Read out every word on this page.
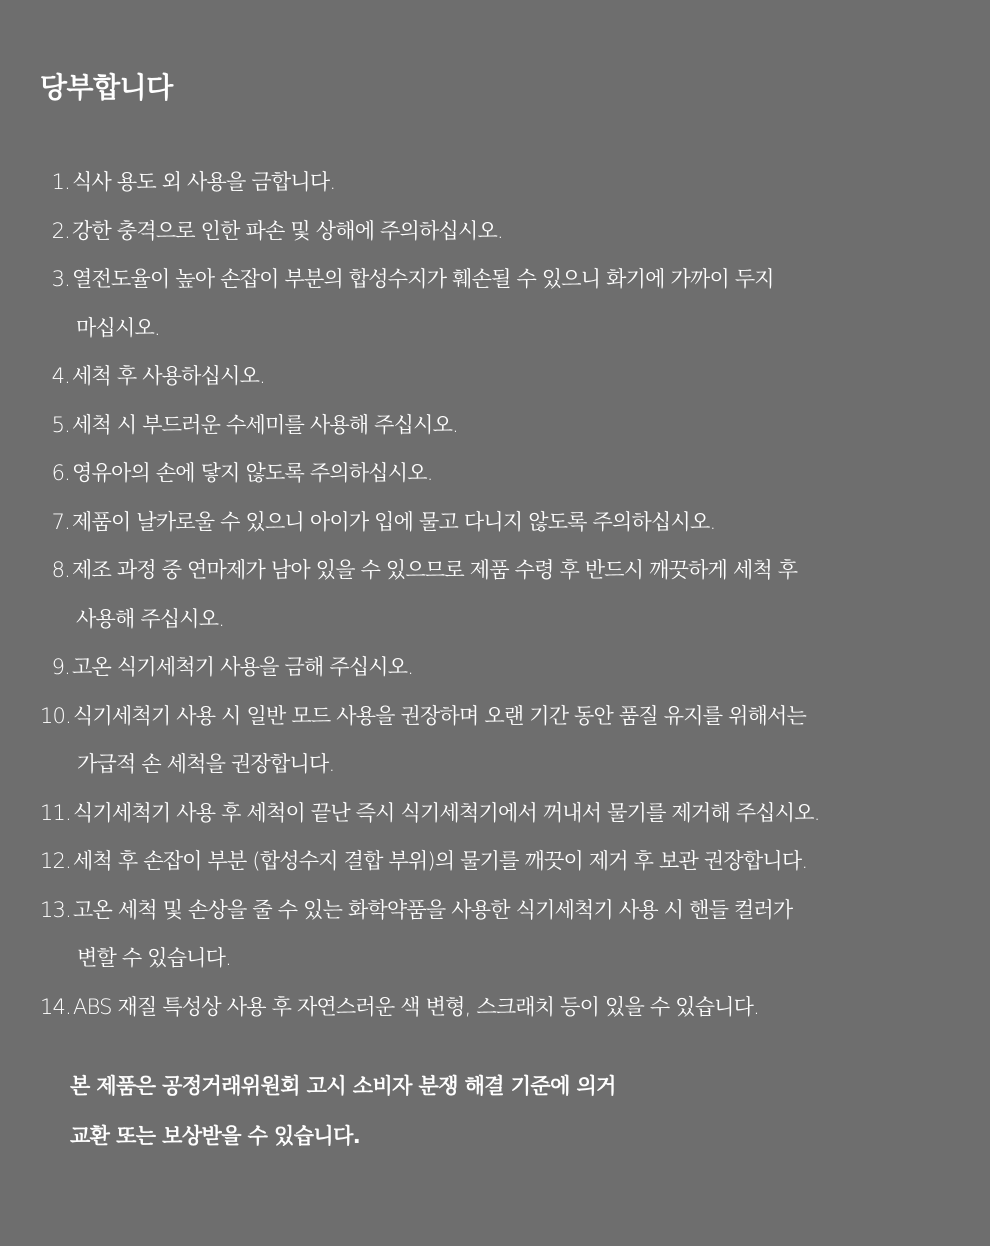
당부합니다
1. 식사 용도 외 사용을 금합니다.
2. 강한 충격으로 인한 파손 및 상해에 주의하십시오.
3. 열전도율이 높아 손잡이 부분의 합성수지가 훼손될 수 있으니 화기에 가까이 두지
마십시오.
4. 세척 후 사용하십시오.
5. 세척 시 부드러운 수세미를 사용해 주십시오.
6. 영유아의 손에 닿지 않도록 주의하십시오.
7. 제품이 날카로울 수 있으니 아이가 입에 물고 다니지 않도록 주의하십시오.
8. 제조 과정 중 연마제가 남아 있을 수 있으므로 제품 수령 후 반드시 깨끗하게 세척 후
사용해 주십시오.
9. 고온 식기세척기 사용을 금해 주십시오.
10. 식기세척기 사용 시 일반 모드 사용을 권장하며 오랜 기간 동안 품질 유지를 위해서는
가급적 손 세척을 권장합니다.
11. 식기세척기 사용 후 세척이 끝난 즉시 식기세척기에서 꺼내서 물기를 제거해 주십시오.
12. 세척 후 손잡이 부분 (합성수지 결합 부위)의 물기를 깨끗이 제거 후 보관 권장합니다.
13. 고온 세척 및 손상을 줄 수 있는 화학약품을 사용한 식기세척기 사용 시 핸들 컬러가
변할 수 있습니다.
14. ABS 재질 특성상 사용 후 자연스러운 색 변형, 스크래치 등이 있을 수 있습니다.
본 제품은 공정거래위원회 고시 소비자 분쟁 해결 기준에 의거
교환 또는 보상받을 수 있습니다.
